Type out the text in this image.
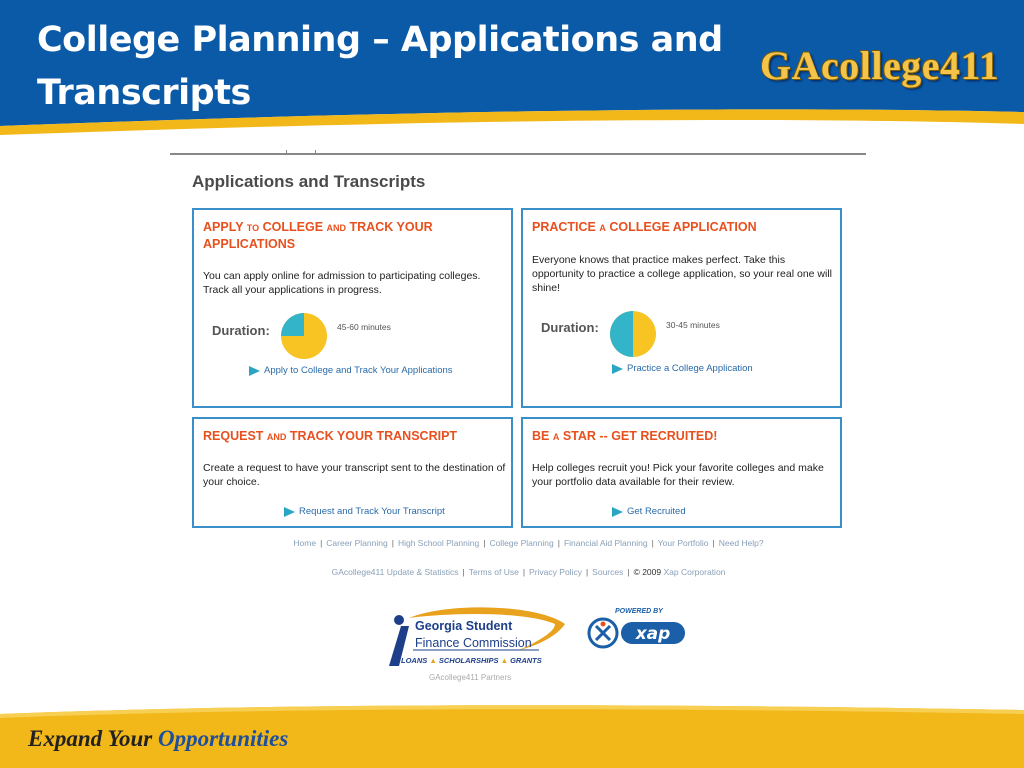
College Planning – Applications and
Transcripts
GAcollege411
Applications and Transcripts
APPLY TO COLLEGE AND TRACK YOUR APPLICATIONS
You can apply online for admission to participating colleges. Track all your applications in progress.
Duration:	45-60 minutes
Apply to College and Track Your Applications
PRACTICE A COLLEGE APPLICATION
Everyone knows that practice makes perfect. Take this opportunity to practice a college application, so your real one will shine!
Duration:	30-45 minutes
Practice a College Application
REQUEST AND TRACK YOUR TRANSCRIPT
Create a request to have your transcript sent to the destination of your choice.
Request and Track Your Transcript
BE A STAR -- GET RECRUITED!
Help colleges recruit you! Pick your favorite colleges and make your portfolio data available for their review.
Get Recruited
Home | Career Planning | High School Planning | College Planning | Financial Aid Planning | Your Portfolio | Need Help?
GAcollege411 Update & Statistics | Terms of Use | Privacy Policy | Sources | © 2009 Xap Corporation
Georgia Student
Finance Commission
LOANS ▲ SCHOLARSHIPS ▲ GRANTS
POWERED BY
xap
GAcollege411 Partners
Expand Your Opportunities
